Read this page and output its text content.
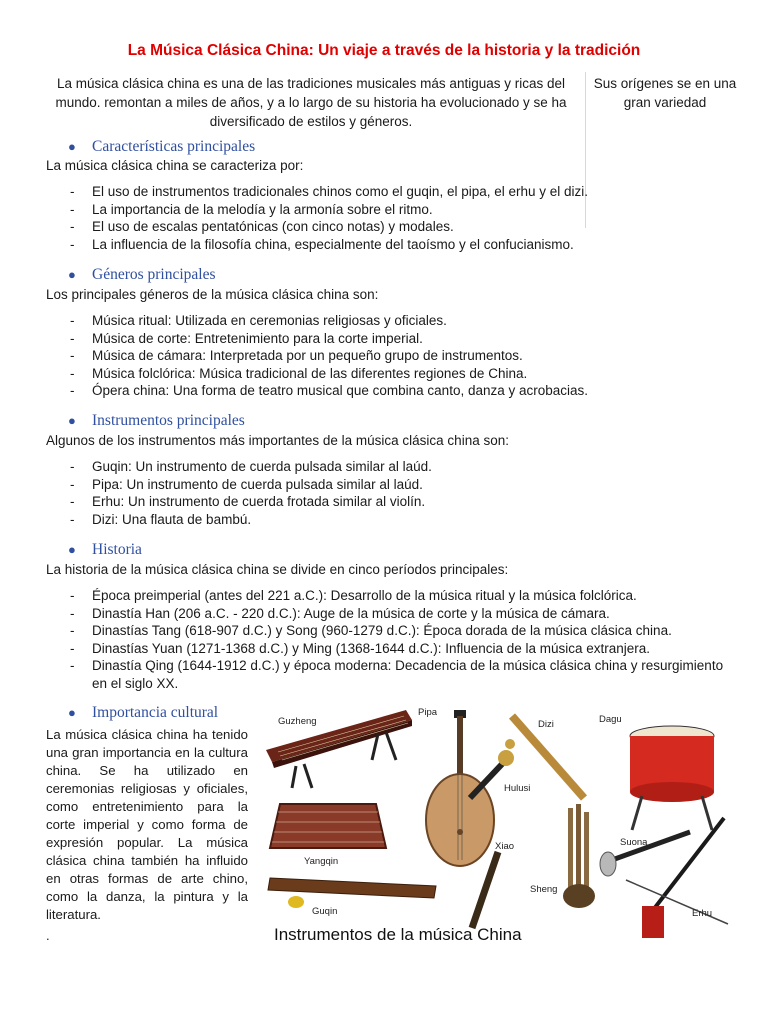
La Música Clásica China: Un viaje a través de la historia y la tradición
La música clásica china es una de las tradiciones musicales más antiguas y ricas del mundo. remontan a miles de años, y a lo largo de su historia ha evolucionado y se ha diversificado de estilos y géneros.
Sus orígenes se en una gran variedad
● Características principales
La música clásica china se caracteriza por:
- El uso de instrumentos tradicionales chinos como el guqin, el pipa, el erhu y el dizi.
- La importancia de la melodía y la armonía sobre el ritmo.
- El uso de escalas pentatónicas (con cinco notas) y modales.
- La influencia de la filosofía china, especialmente del taoísmo y el confucianismo.
● Géneros principales
Los principales géneros de la música clásica china son:
- Música ritual: Utilizada en ceremonias religiosas y oficiales.
- Música de corte: Entretenimiento para la corte imperial.
- Música de cámara: Interpretada por un pequeño grupo de instrumentos.
- Música folclórica: Música tradicional de las diferentes regiones de China.
- Ópera china: Una forma de teatro musical que combina canto, danza y acrobacias.
● Instrumentos principales
Algunos de los instrumentos más importantes de la música clásica china son:
- Guqin: Un instrumento de cuerda pulsada similar al laúd.
- Pipa: Un instrumento de cuerda pulsada similar al laúd.
- Erhu: Un instrumento de cuerda frotada similar al violín.
- Dizi: Una flauta de bambú.
● Historia
La historia de la música clásica china se divide en cinco períodos principales:
- Época preimperial (antes del 221 a.C.): Desarrollo de la música ritual y la música folclórica.
- Dinastía Han (206 a.C. - 220 d.C.): Auge de la música de corte y la música de cámara.
- Dinastías Tang (618-907 d.C.) y Song (960-1279 d.C.): Época dorada de la música clásica china.
- Dinastías Yuan (1271-1368 d.C.) y Ming (1368-1644 d.C.): Influencia de la música extranjera.
- Dinastía Qing (1644-1912 d.C.) y época moderna: Decadencia de la música clásica china y resurgimiento en el siglo XX.
● Importancia cultural
La música clásica china ha tenido una gran importancia en la cultura china. Se ha utilizado en ceremonias religiosas y oficiales, como entretenimiento para la corte imperial y como forma de expresión popular. La música clásica china también ha influido en otras formas de arte chino, como la danza, la pintura y la literatura.
.
Guzheng
Pipa
Hulusi
Dizi	Dagu
Yangqin
Xiao
Sheng
Suona
Erhu
Guqin
Instrumentos de la música China
